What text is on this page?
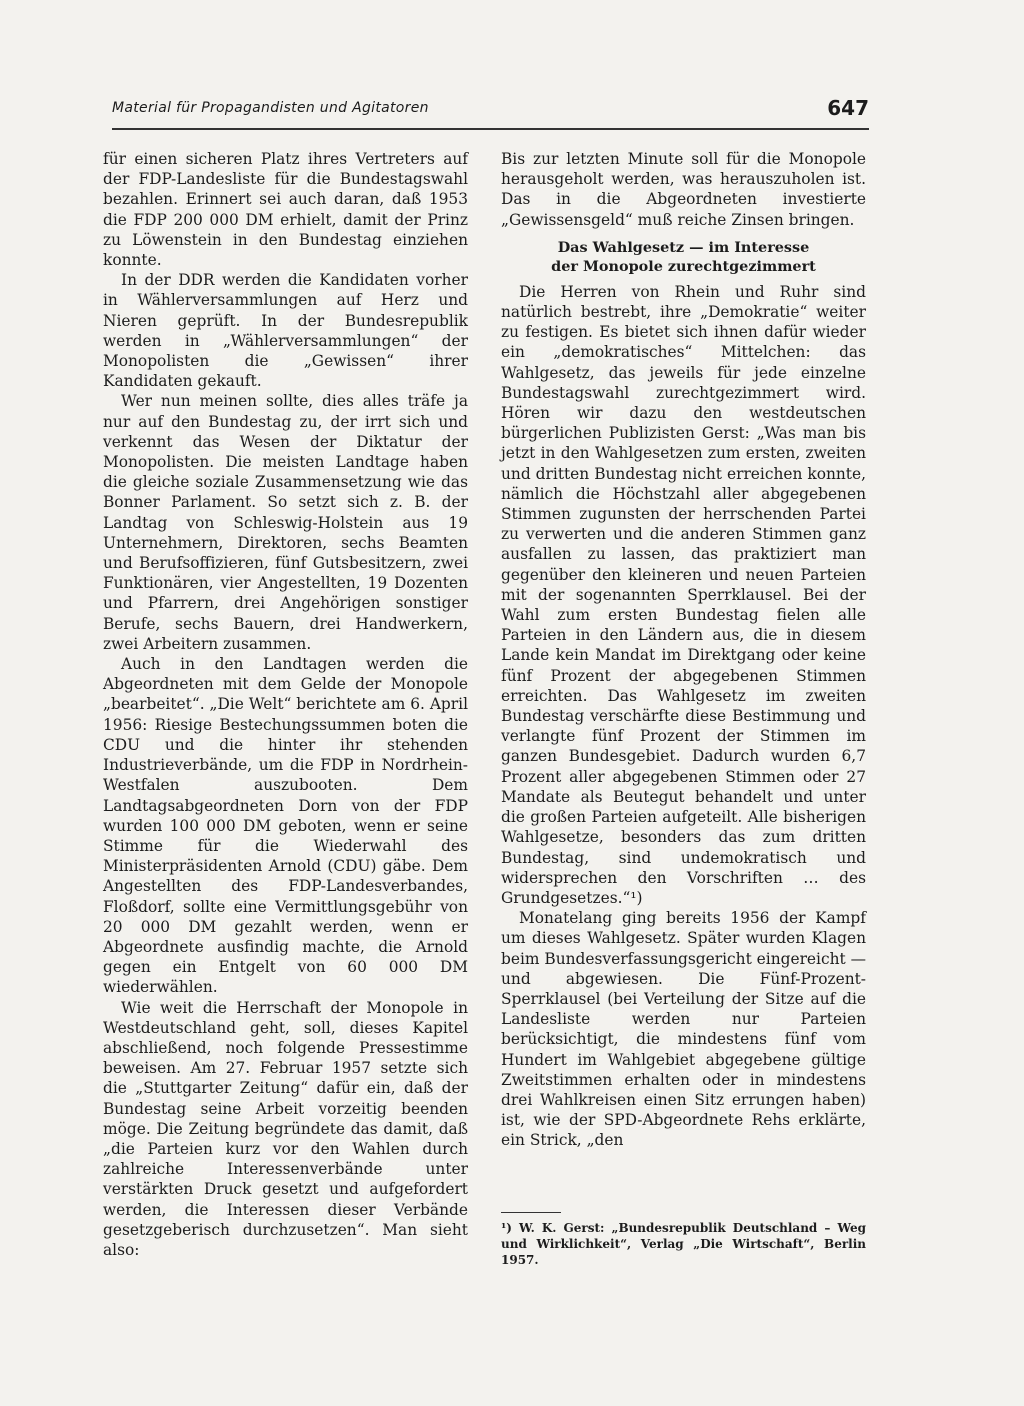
Material für Propagandisten und Agitatoren	647

für einen sicheren Platz ihres Vertreters auf der FDP-Landesliste für die Bundestagswahl bezahlen. Erinnert sei auch daran, daß 1953 die FDP 200 000 DM erhielt, damit der Prinz zu Löwenstein in den Bundestag einziehen konnte.

In der DDR werden die Kandidaten vorher in Wählerversammlungen auf Herz und Nieren geprüft. In der Bundesrepublik werden in „Wählerversammlungen“ der Monopolisten die „Gewissen“ ihrer Kandidaten gekauft.

Wer nun meinen sollte, dies alles träfe ja nur auf den Bundestag zu, der irrt sich und verkennt das Wesen der Diktatur der Monopolisten. Die meisten Landtage haben die gleiche soziale Zusammensetzung wie das Bonner Parlament. So setzt sich z. B. der Landtag von Schleswig-Holstein aus 19 Unternehmern, Direktoren, sechs Beamten und Berufsoffizieren, fünf Gutsbesitzern, zwei Funktionären, vier Angestellten, 19 Dozenten und Pfarrern, drei Angehörigen sonstiger Berufe, sechs Bauern, drei Handwerkern, zwei Arbeitern zusammen.

Auch in den Landtagen werden die Abgeordneten mit dem Gelde der Monopole „bearbeitet“. „Die Welt“ berichtete am 6. April 1956: Riesige Bestechungssummen boten die CDU und die hinter ihr stehenden Industrieverbände, um die FDP in Nordrhein-Westfalen auszubooten. Dem Landtagsabgeordneten Dorn von der FDP wurden 100 000 DM geboten, wenn er seine Stimme für die Wiederwahl des Ministerpräsidenten Arnold (CDU) gäbe. Dem Angestellten des FDP-Landesverbandes, Floßdorf, sollte eine Vermittlungsgebühr von 20 000 DM gezahlt werden, wenn er Abgeordnete ausfindig machte, die Arnold gegen ein Entgelt von 60 000 DM wiederwählen.

Wie weit die Herrschaft der Monopole in Westdeutschland geht, soll, dieses Kapitel abschließend, noch folgende Pressestimme beweisen. Am 27. Februar 1957 setzte sich die „Stuttgarter Zeitung“ dafür ein, daß der Bundestag seine Arbeit vorzeitig beenden möge. Die Zeitung begründete das damit, daß „die Parteien kurz vor den Wahlen durch zahlreiche Interessenverbände unter verstärkten Druck gesetzt und aufgefordert werden, die Interessen dieser Verbände gesetzgeberisch durchzusetzen“. Man sieht also:

Bis zur letzten Minute soll für die Monopole herausgeholt werden, was herauszuholen ist. Das in die Abgeordneten investierte „Gewissensgeld“ muß reiche Zinsen bringen.

Das Wahlgesetz — im Interesse
der Monopole zurechtgezimmert

Die Herren von Rhein und Ruhr sind natürlich bestrebt, ihre „Demokratie“ weiter zu festigen. Es bietet sich ihnen dafür wieder ein „demokratisches“ Mittelchen: das Wahlgesetz, das jeweils für jede einzelne Bundestagswahl zurechtgezimmert wird. Hören wir dazu den westdeutschen bürgerlichen Publizisten Gerst: „Was man bis jetzt in den Wahlgesetzen zum ersten, zweiten und dritten Bundestag nicht erreichen konnte, nämlich die Höchstzahl aller abgegebenen Stimmen zugunsten der herrschenden Partei zu verwerten und die anderen Stimmen ganz ausfallen zu lassen, das praktiziert man gegenüber den kleineren und neuen Parteien mit der sogenannten Sperrklausel. Bei der Wahl zum ersten Bundestag fielen alle Parteien in den Ländern aus, die in diesem Lande kein Mandat im Direktgang oder keine fünf Prozent der abgegebenen Stimmen erreichten. Das Wahlgesetz im zweiten Bundestag verschärfte diese Bestimmung und verlangte fünf Prozent der Stimmen im ganzen Bundesgebiet. Dadurch wurden 6,7 Prozent aller abgegebenen Stimmen oder 27 Mandate als Beutegut behandelt und unter die großen Parteien aufgeteilt. Alle bisherigen Wahlgesetze, besonders das zum dritten Bundestag, sind undemokratisch und widersprechen den Vorschriften … des Grundgesetzes.“¹)

Monatelang ging bereits 1956 der Kampf um dieses Wahlgesetz. Später wurden Klagen beim Bundesverfassungsgericht eingereicht — und abgewiesen. Die Fünf-Prozent-Sperrklausel (bei Verteilung der Sitze auf die Landesliste werden nur Parteien berücksichtigt, die mindestens fünf vom Hundert im Wahlgebiet abgegebene gültige Zweitstimmen erhalten oder in mindestens drei Wahlkreisen einen Sitz errungen haben) ist, wie der SPD-Abgeordnete Rehs erklärte, ein Strick, „den

¹) W. K. Gerst: „Bundesrepublik Deutschland – Weg und Wirklichkeit“, Verlag „Die Wirtschaft“, Berlin 1957.
